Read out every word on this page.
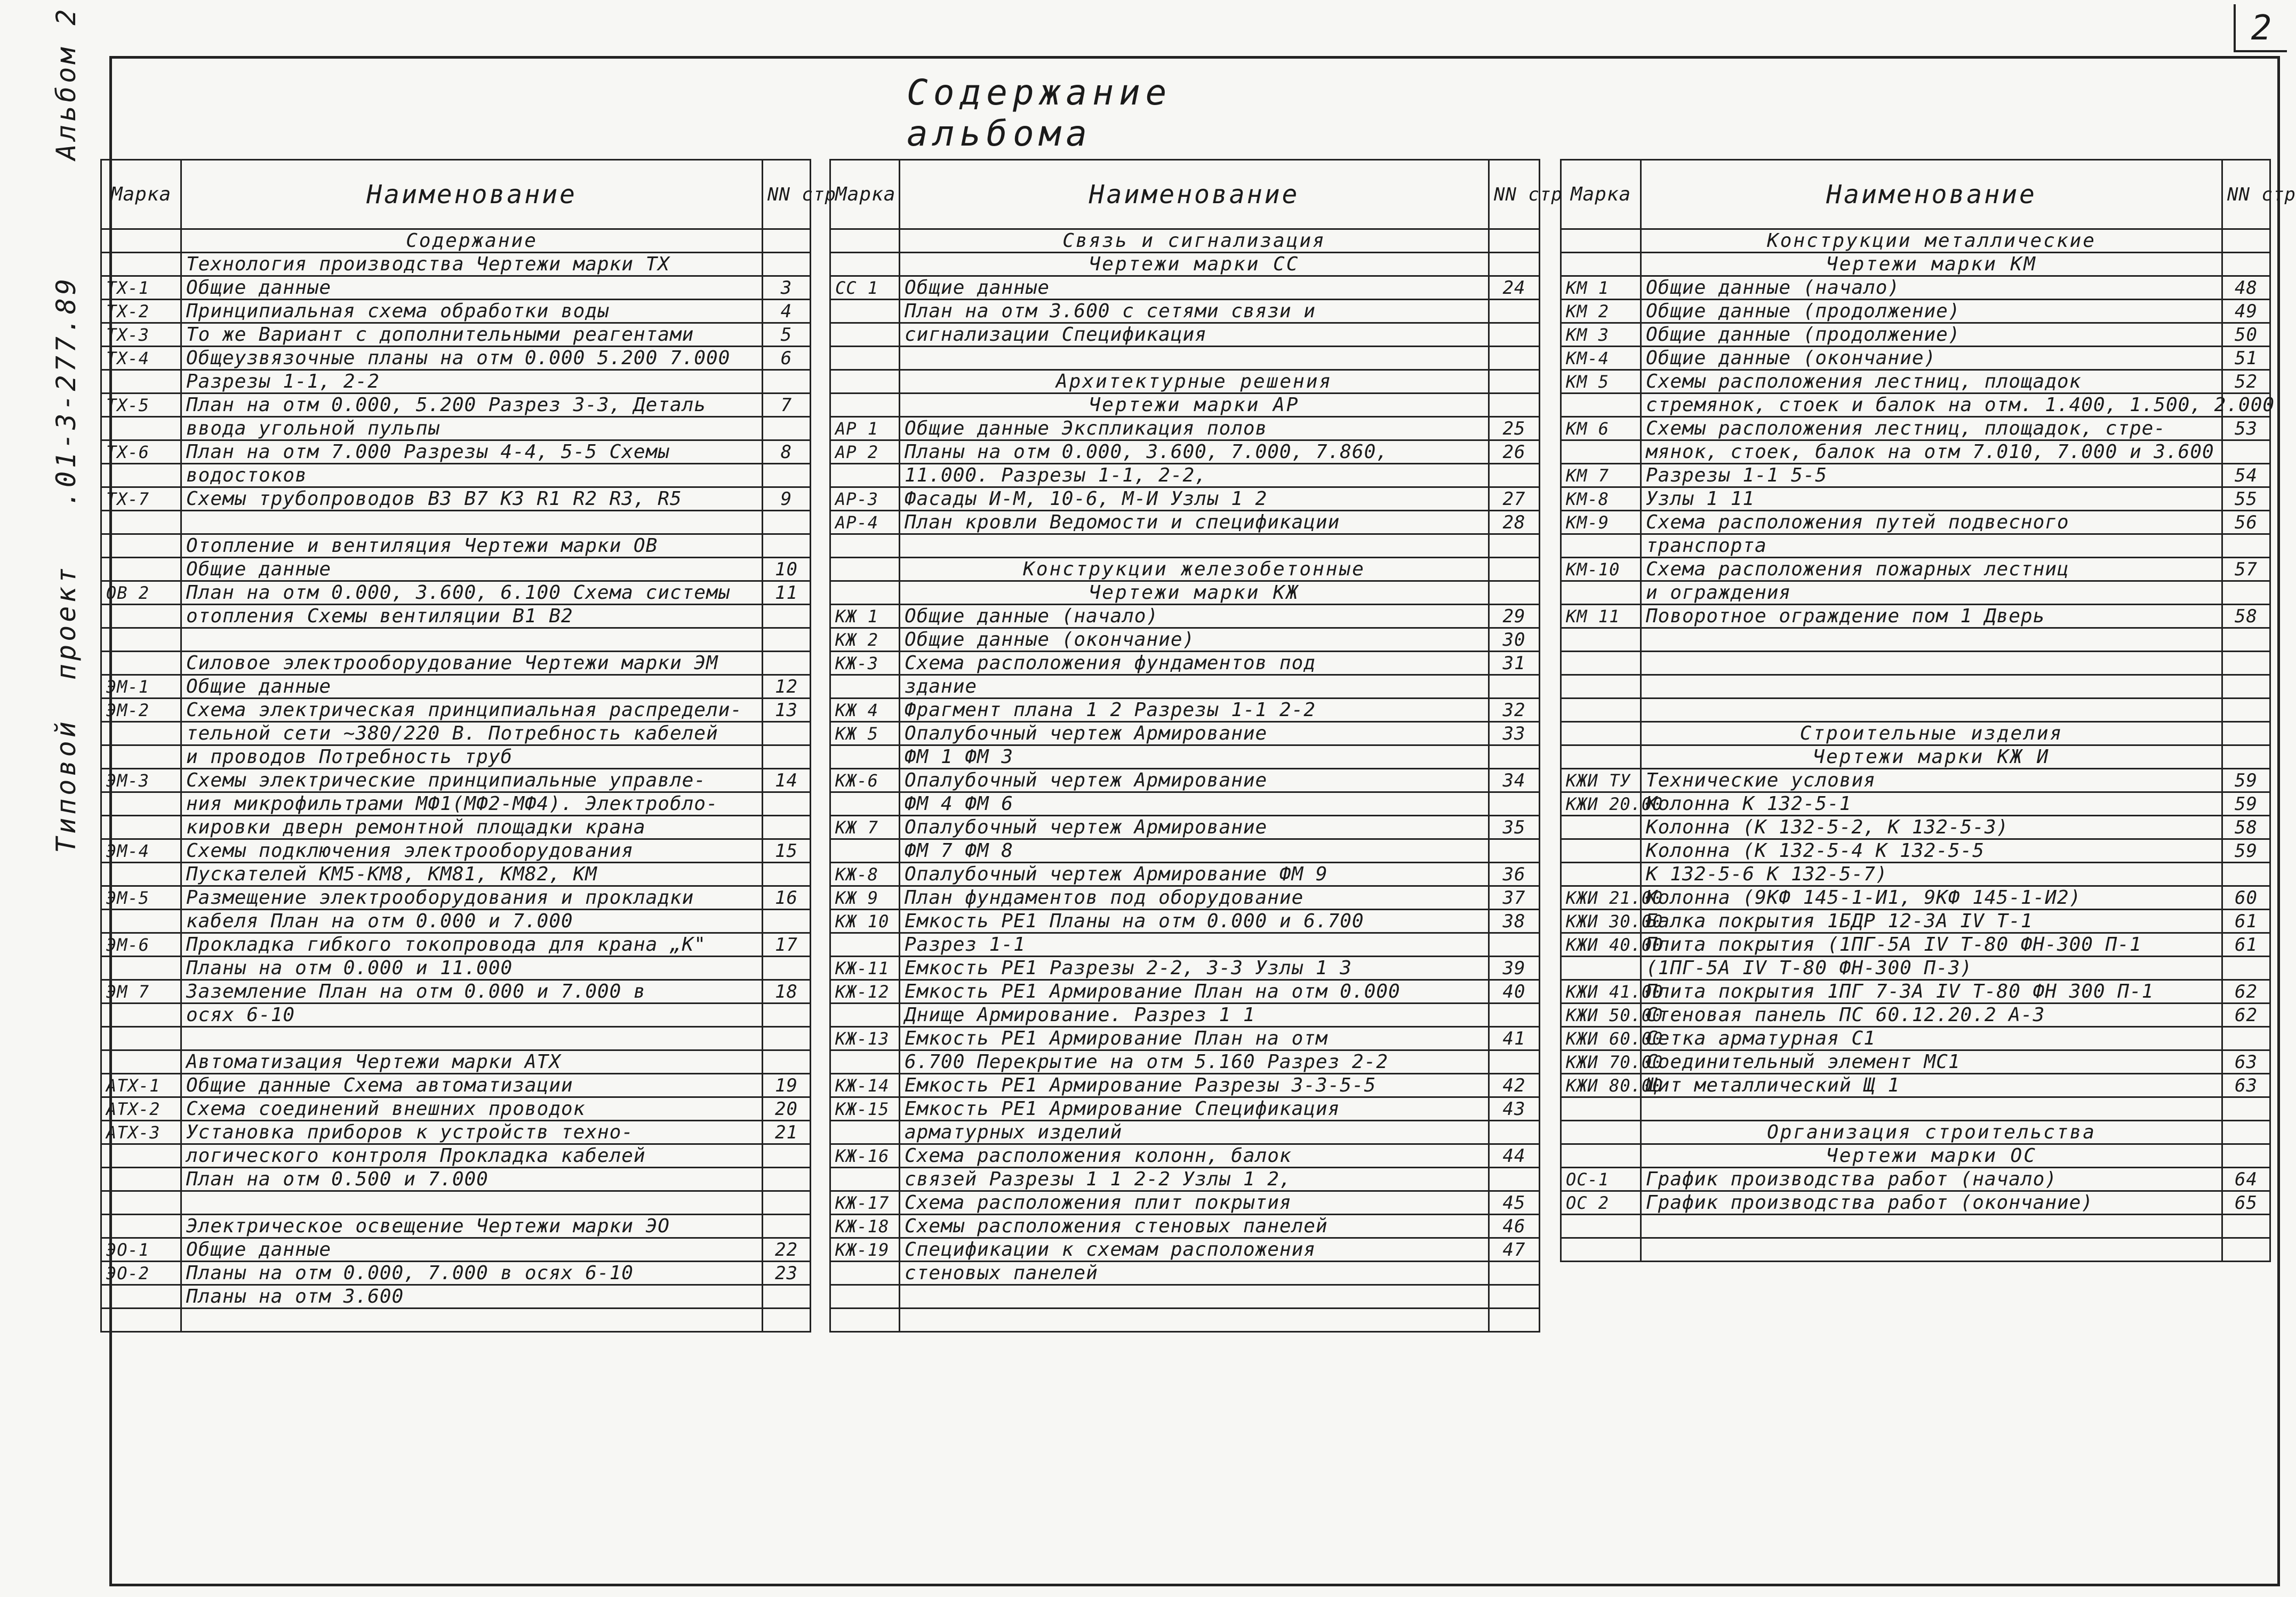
2
Типовой  проект   .01-3-277.89      Альбом 2	Содержание альбома
Марка	Наименование	NN стр
	Содержание	
	Технология производства Чертежи марки ТХ	
ТХ-1	Общие данные	3
ТХ-2	Принципиальная схема обработки воды	4
ТХ-3	То же Вариант с дополнительными реагентами	5
ТХ-4	Общеузвязочные планы на отм 0.000 5.200 7.000	6
	Разрезы 1-1, 2-2	
ТХ-5	План на отм 0.000, 5.200 Разрез 3-3, Деталь	7
	ввода угольной пульпы	
ТХ-6	План на отм 7.000 Разрезы 4-4, 5-5 Схемы	8
	водостоков	
ТХ-7	Схемы трубопроводов В3 В7 К3 R1 R2 R3, R5	9

	Отопление и вентиляция Чертежи марки ОВ	
	Общие данные	10
ОВ 2	План на отм 0.000, 3.600, 6.100 Схема системы	11
	отопления Схемы вентиляции В1 В2	

	Силовое электрооборудование Чертежи марки ЭМ	
ЭМ-1	Общие данные	12
ЭМ-2	Схема электрическая принципиальная распредели-	13
	тельной сети ~380/220 В. Потребность кабелей	
	и проводов Потребность труб	
ЭМ-3	Схемы электрические принципиальные управле-	14
	ния микрофильтрами МФ1(МФ2-МФ4). Электробло-	
	кировки дверн ремонтной площадки крана	
ЭМ-4	Схемы подключения электрооборудования	15
	Пускателей КМ5-КМ8, КМ81, КМ82, КМ	
ЭМ-5	Размещение электрооборудования и прокладки	16
	кабеля План на отм 0.000 и 7.000	
ЭМ-6	Прокладка гибкого токопровода для крана „К"	17
	Планы на отм 0.000 и 11.000	
ЭМ 7	Заземление План на отм 0.000 и 7.000 в	18
	осях 6-10	

	Автоматизация Чертежи марки АТХ	
АТХ-1	Общие данные Схема автоматизации	19
АТХ-2	Схема соединений внешних проводок	20
АТХ-3	Установка приборов к устройств техно-	21
	логического контроля Прокладка кабелей	
	План на отм 0.500 и 7.000	

	Электрическое освещение Чертежи марки ЭО	
ЭО-1	Общие данные	22
ЭО-2	Планы на отм 0.000, 7.000 в осях 6-10	23
	Планы на отм 3.600	

Марка	Наименование	NN стр
	Связь и сигнализация	
	Чертежи марки СС	
СС 1	Общие данные	24
	План на отм 3.600 с сетями связи и	
	сигнализации Спецификация	

	Архитектурные решения	
	Чертежи марки АР	
АР 1	Общие данные Экспликация полов	25
АР 2	Планы на отм 0.000, 3.600, 7.000, 7.860,	26
	11.000. Разрезы 1-1, 2-2,	
АР-3	Фасады И-М, 10-6, М-И Узлы 1 2	27
АР-4	План кровли Ведомости и спецификации	28

	Конструкции железобетонные	
	Чертежи марки КЖ	
КЖ 1	Общие данные (начало)	29
КЖ 2	Общие данные (окончание)	30
КЖ-3	Схема расположения фундаментов под	31
	здание	
КЖ 4	Фрагмент плана 1 2 Разрезы 1-1 2-2	32
КЖ 5	Опалубочный чертеж Армирование	33
	ФМ 1 ФМ 3	
КЖ-6	Опалубочный чертеж Армирование	34
	ФМ 4 ФМ 6	
КЖ 7	Опалубочный чертеж Армирование	35
	ФМ 7 ФМ 8	
КЖ-8	Опалубочный чертеж Армирование ФМ 9	36
КЖ 9	План фундаментов под оборудование	37
КЖ 10	Емкость РЕ1 Планы на отм 0.000 и 6.700	38
	Разрез 1-1	
КЖ-11	Емкость РЕ1 Разрезы 2-2, 3-3 Узлы 1 3	39
КЖ-12	Емкость РЕ1 Армирование План на отм 0.000	40
	Днище Армирование. Разрез 1 1	
КЖ-13	Емкость РЕ1 Армирование План на отм	41
	6.700 Перекрытие на отм 5.160 Разрез 2-2	
КЖ-14	Емкость РЕ1 Армирование Разрезы 3-3-5-5	42
КЖ-15	Емкость РЕ1 Армирование Спецификация	43
	арматурных изделий	
КЖ-16	Схема расположения колонн, балок	44
	связей Разрезы 1 1 2-2 Узлы 1 2,	
КЖ-17	Схема расположения плит покрытия	45
КЖ-18	Схемы расположения стеновых панелей	46
КЖ-19	Спецификации к схемам расположения	47
	стеновых панелей	

Марка	Наименование	NN стр
	Конструкции металлические	
	Чертежи марки КМ	
КМ 1	Общие данные (начало)	48
КМ 2	Общие данные (продолжение)	49
КМ 3	Общие данные (продолжение)	50
КМ-4	Общие данные (окончание)	51
КМ 5	Схемы расположения лестниц, площадок	52
	стремянок, стоек и балок на отм. 1.400, 1.500, 2.000	
КМ 6	Схемы расположения лестниц, площадок, стре-	53
	мянок, стоек, балок на отм 7.010, 7.000 и 3.600	
КМ 7	Разрезы 1-1 5-5	54
КМ-8	Узлы 1 11	55
КМ-9	Схема расположения путей подвесного	56
	транспорта	
КМ-10	Схема расположения пожарных лестниц	57
	и ограждения	
КМ 11	Поворотное ограждение пом 1 Дверь	58

	Строительные изделия	
	Чертежи марки КЖ И	
КЖИ ТУ	Технические условия	59
КЖИ 20.00	Колонна К 132-5-1	59
	Колонна (К 132-5-2, К 132-5-3)	58
	Колонна (К 132-5-4 К 132-5-5	59
	К 132-5-6 К 132-5-7)	
КЖИ 21.00	Колонна (9КФ 145-1-И1, 9КФ 145-1-И2)	60
КЖИ 30.00	Балка покрытия 1БДР 12-3А IV Т-1	61
КЖИ 40.00	Плита покрытия (1ПГ-5А IV Т-80 ФН-300 П-1	61
	(1ПГ-5А IV Т-80 ФН-300 П-3)	
КЖИ 41.00	Плита покрытия 1ПГ 7-3А IV Т-80 ФН 300 П-1	62
КЖИ 50.00	Стеновая панель ПС 60.12.20.2 А-3	62
КЖИ 60.00	Сетка арматурная С1	
КЖИ 70.00	Соединительный элемент МС1	63
КЖИ 80.00	Щит металлический Щ 1	63

	Организация строительства	
	Чертежи марки ОС	
ОС-1	График производства работ (начало)	64
ОС 2	График производства работ (окончание)	65
